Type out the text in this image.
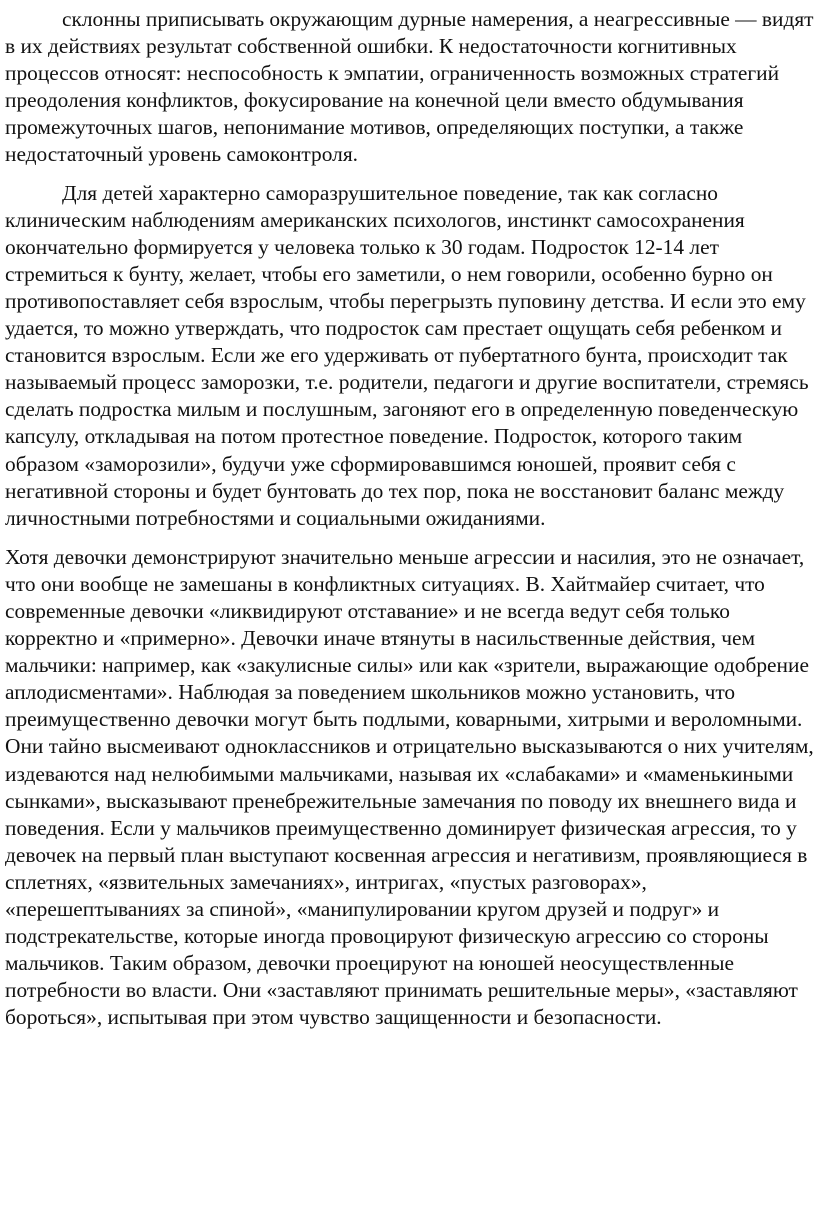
склонны приписывать окружающим дурные намерения, а неагрессивные — видят в их действиях результат собственной ошибки. К недостаточности когнитивных процессов относят: неспособность к эмпатии, ограниченность возможных стратегий преодоления конфликтов, фокусирование на конечной цели вместо обдумывания промежуточных шагов, непонимание мотивов, определяющих поступки, а также недостаточный уровень самоконтроля.

Для детей характерно саморазрушительное поведение, так как согласно клиническим наблюдениям американских психологов, инстинкт самосохранения окончательно формируется у человека только к 30 годам. Подросток 12-14 лет стремиться к бунту, желает, чтобы его заметили, о нем говорили, особенно бурно он противопоставляет себя взрослым, чтобы перегрызть пуповину детства. И если это ему удается, то можно утверждать, что подросток сам престает ощущать себя ребенком и становится взрослым. Если же его удерживать от пубертатного бунта, происходит так называемый процесс заморозки, т.е. родители, педагоги и другие воспитатели, стремясь сделать подростка милым и послушным, загоняют его в определенную поведенческую капсулу, откладывая на потом протестное поведение. Подросток, которого таким образом «заморозили», будучи уже сформировавшимся юношей, проявит себя с негативной стороны и будет бунтовать до тех пор, пока не восстановит баланс между личностными потребностями и социальными ожиданиями.

Хотя девочки демонстрируют значительно меньше агрессии и насилия, это не означает, что они вообще не замешаны в конфликтных ситуациях. В. Хайтмайер считает, что современные девочки «ликвидируют отставание» и не всегда ведут себя только корректно и «примерно». Девочки иначе втянуты в насильственные действия, чем мальчики: например, как «закулисные силы» или как «зрители, выражающие одобрение аплодисментами». Наблюдая за поведением школьников можно установить, что преимущественно девочки могут быть подлыми, коварными, хитрыми и вероломными. Они тайно высмеивают одноклассников и отрицательно высказываются о них учителям, издеваются над нелюбимыми мальчиками, называя их «слабаками» и «маменькиными сынками», высказывают пренебрежительные замечания по поводу их внешнего вида и поведения. Если у мальчиков преимущественно доминирует физическая агрессия, то у девочек на первый план выступают косвенная агрессия и негативизм, проявляющиеся в сплетнях, «язвительных замечаниях», интригах, «пустых разговорах», «перешептываниях за спиной», «манипулировании кругом друзей и подруг» и подстрекательстве, которые иногда провоцируют физическую агрессию со стороны мальчиков. Таким образом, девочки проецируют на юношей неосуществленные потребности во власти. Они «заставляют принимать решительные меры», «заставляют бороться», испытывая при этом чувство защищенности и безопасности.
